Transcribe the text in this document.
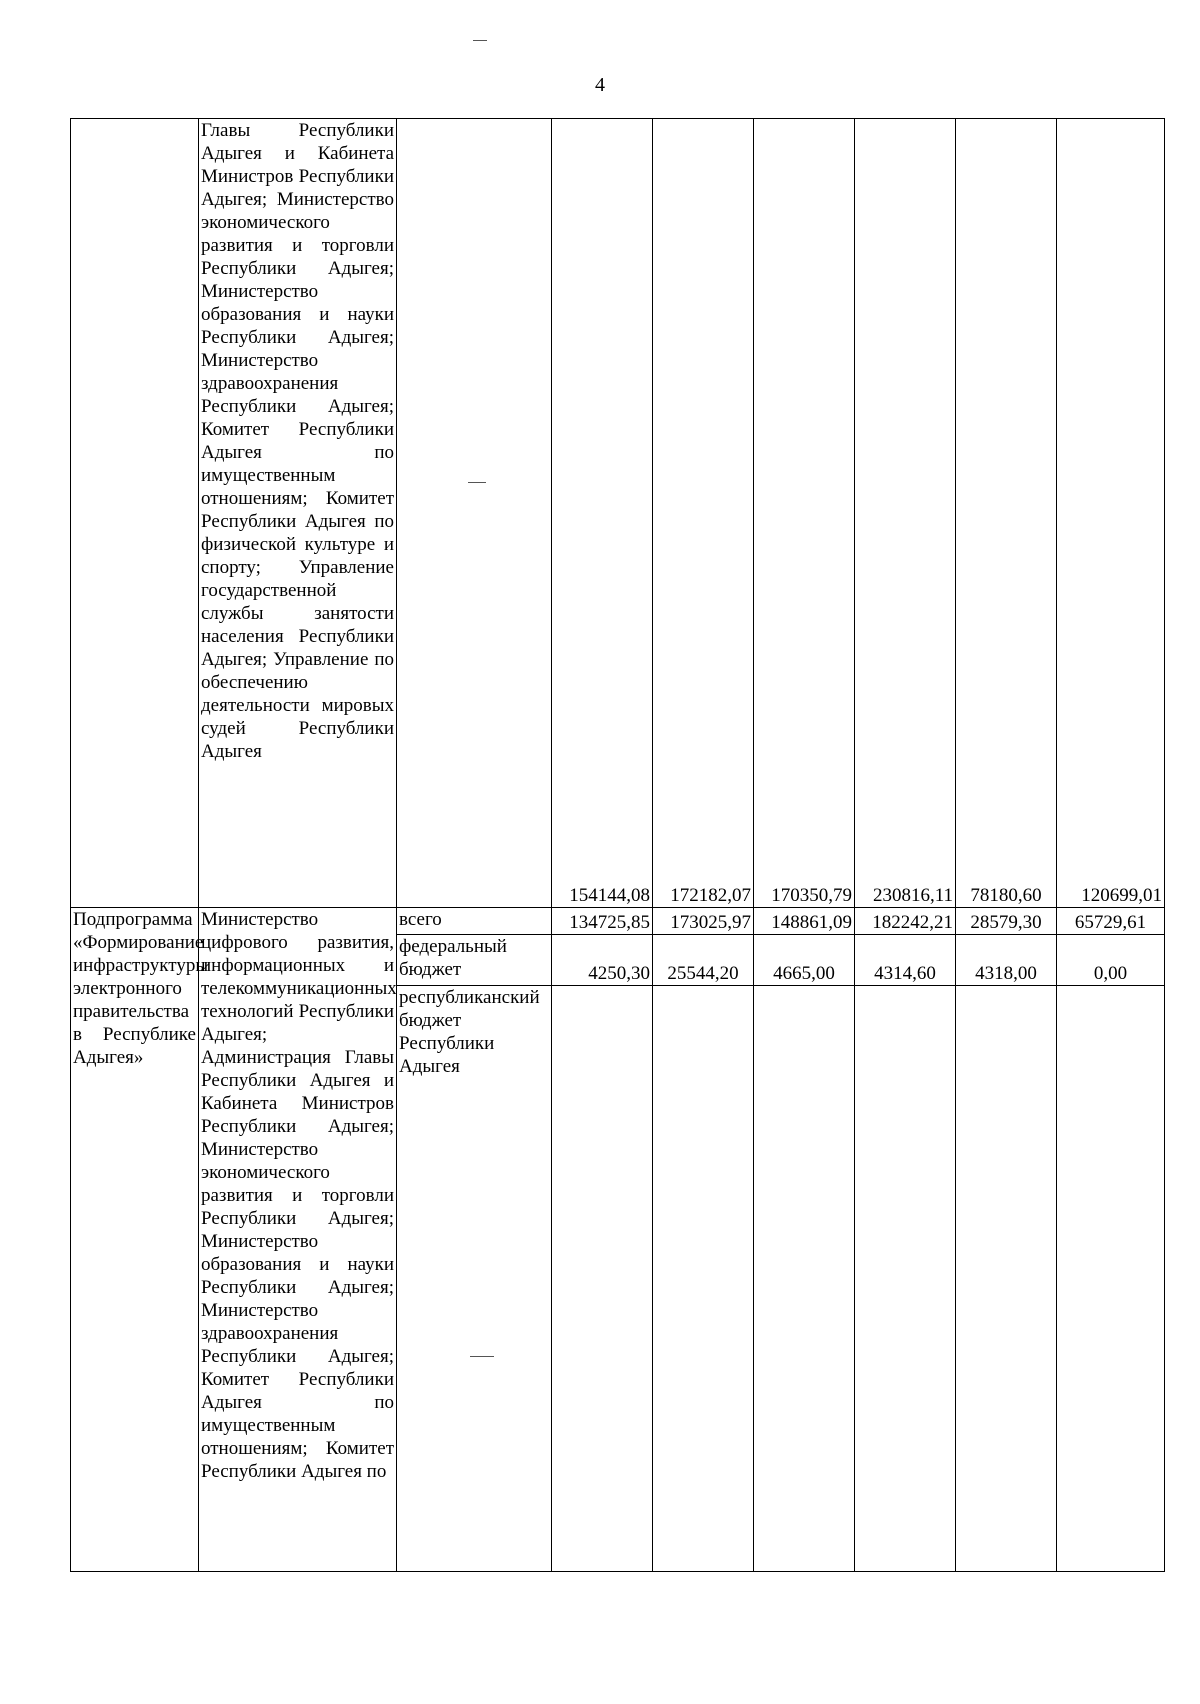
4
	Главы Республики Адыгея и Кабинета Министров Республики Адыгея; Министерство экономического развития и торговли Республики Адыгея; Министерство образования и науки Республики Адыгея; Министерство здравоохранения Республики Адыгея; Комитет Республики Адыгея по имущественным отношениям; Комитет Республики Адыгея по физической культуре и спорту; Управление государственной службы занятости населения Республики Адыгея; Управление по обеспечению деятельности мировых судей Республики Адыгея		154144,08	172182,07	170350,79	230816,11	78180,60	120699,01
Подпрограмма «Формирование инфраструктуры электронного правительства в Республике Адыгея»	Министерство цифрового развития, информационных и телекоммуникационных технологий Республики Адыгея; Администрация Главы Республики Адыгея и Кабинета Министров Республики Адыгея; Министерство экономического развития и торговли Республики Адыгея; Министерство образования и науки Республики Адыгея; Министерство здравоохранения Республики Адыгея; Комитет Республики Адыгея по имущественным отношениям; Комитет Республики Адыгея по	всего	134725,85	173025,97	148861,09	182242,21	28579,30	65729,61
		федеральный бюджет	4250,30	25544,20	4665,00	4314,60	4318,00	0,00
		республиканский бюджет Республики Адыгея						
